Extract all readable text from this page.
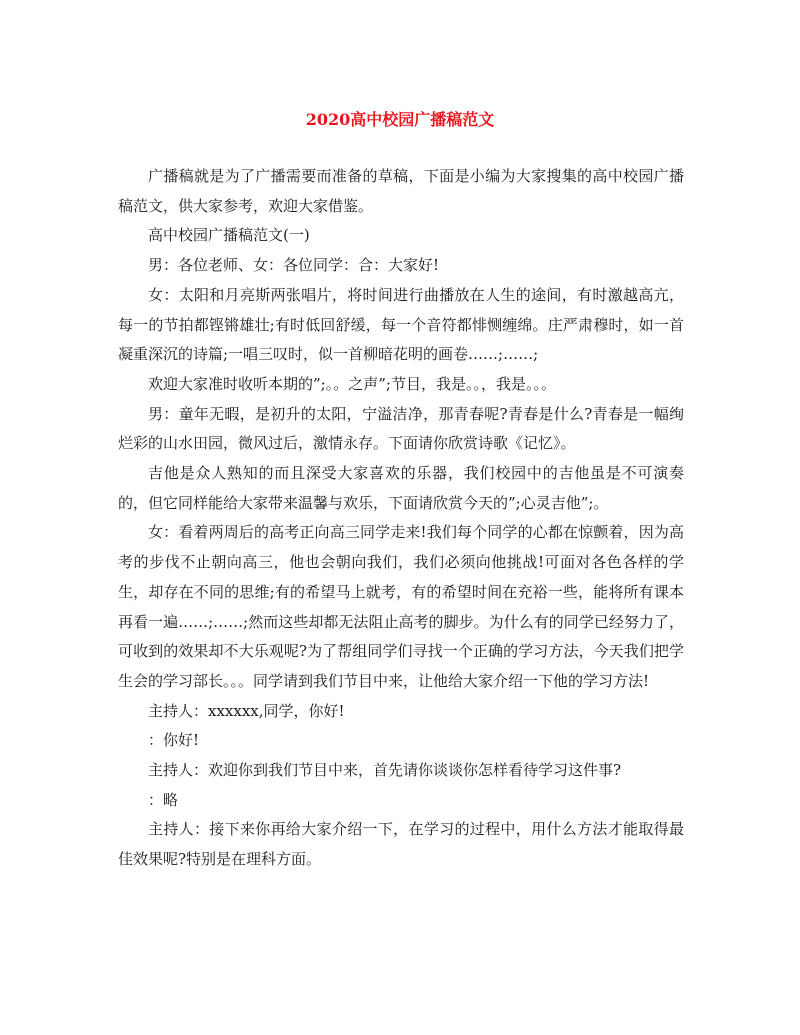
2020高中校园广播稿范文

广播稿就是为了广播需要而准备的草稿，下面是小编为大家搜集的高中校园广播稿范文，供大家参考，欢迎大家借鉴。

高中校园广播稿范文(一)

男：各位老师、女：各位同学：合：大家好!

女：太阳和月亮斯两张唱片，将时间进行曲播放在人生的途间，有时激越高亢，每一的节拍都铿锵雄壮;有时低回舒缓，每一个音符都悱恻缠绵。庄严肃穆时，如一首凝重深沉的诗篇;一唱三叹时，似一首柳暗花明的画卷……;……;

欢迎大家准时收听本期的”;。。之声”;节目，我是。。，我是。。。

男：童年无暇，是初升的太阳，宁溢洁净，那青春呢?青春是什么?青春是一幅绚烂彩的山水田园，微风过后，激情永存。下面请你欣赏诗歌《记忆》。

吉他是众人熟知的而且深受大家喜欢的乐器，我们校园中的吉他虽是不可演奏的，但它同样能给大家带来温馨与欢乐，下面请欣赏今天的”;心灵吉他”;。

女：看着两周后的高考正向高三同学走来!我们每个同学的心都在惊颤着，因为高考的步伐不止朝向高三，他也会朝向我们，我们必须向他挑战!可面对各色各样的学生，却存在不同的思维;有的希望马上就考，有的希望时间在充裕一些，能将所有课本再看一遍……;……;然而这些却都无法阻止高考的脚步。为什么有的同学已经努力了，可收到的效果却不大乐观呢?为了帮组同学们寻找一个正确的学习方法，今天我们把学生会的学习部长。。。同学请到我们节目中来，让他给大家介绍一下他的学习方法!

主持人：xxxxxx,同学，你好!

：你好!

主持人：欢迎你到我们节目中来，首先请你谈谈你怎样看待学习这件事?

：略

主持人：接下来你再给大家介绍一下，在学习的过程中，用什么方法才能取得最佳效果呢?特别是在理科方面。
